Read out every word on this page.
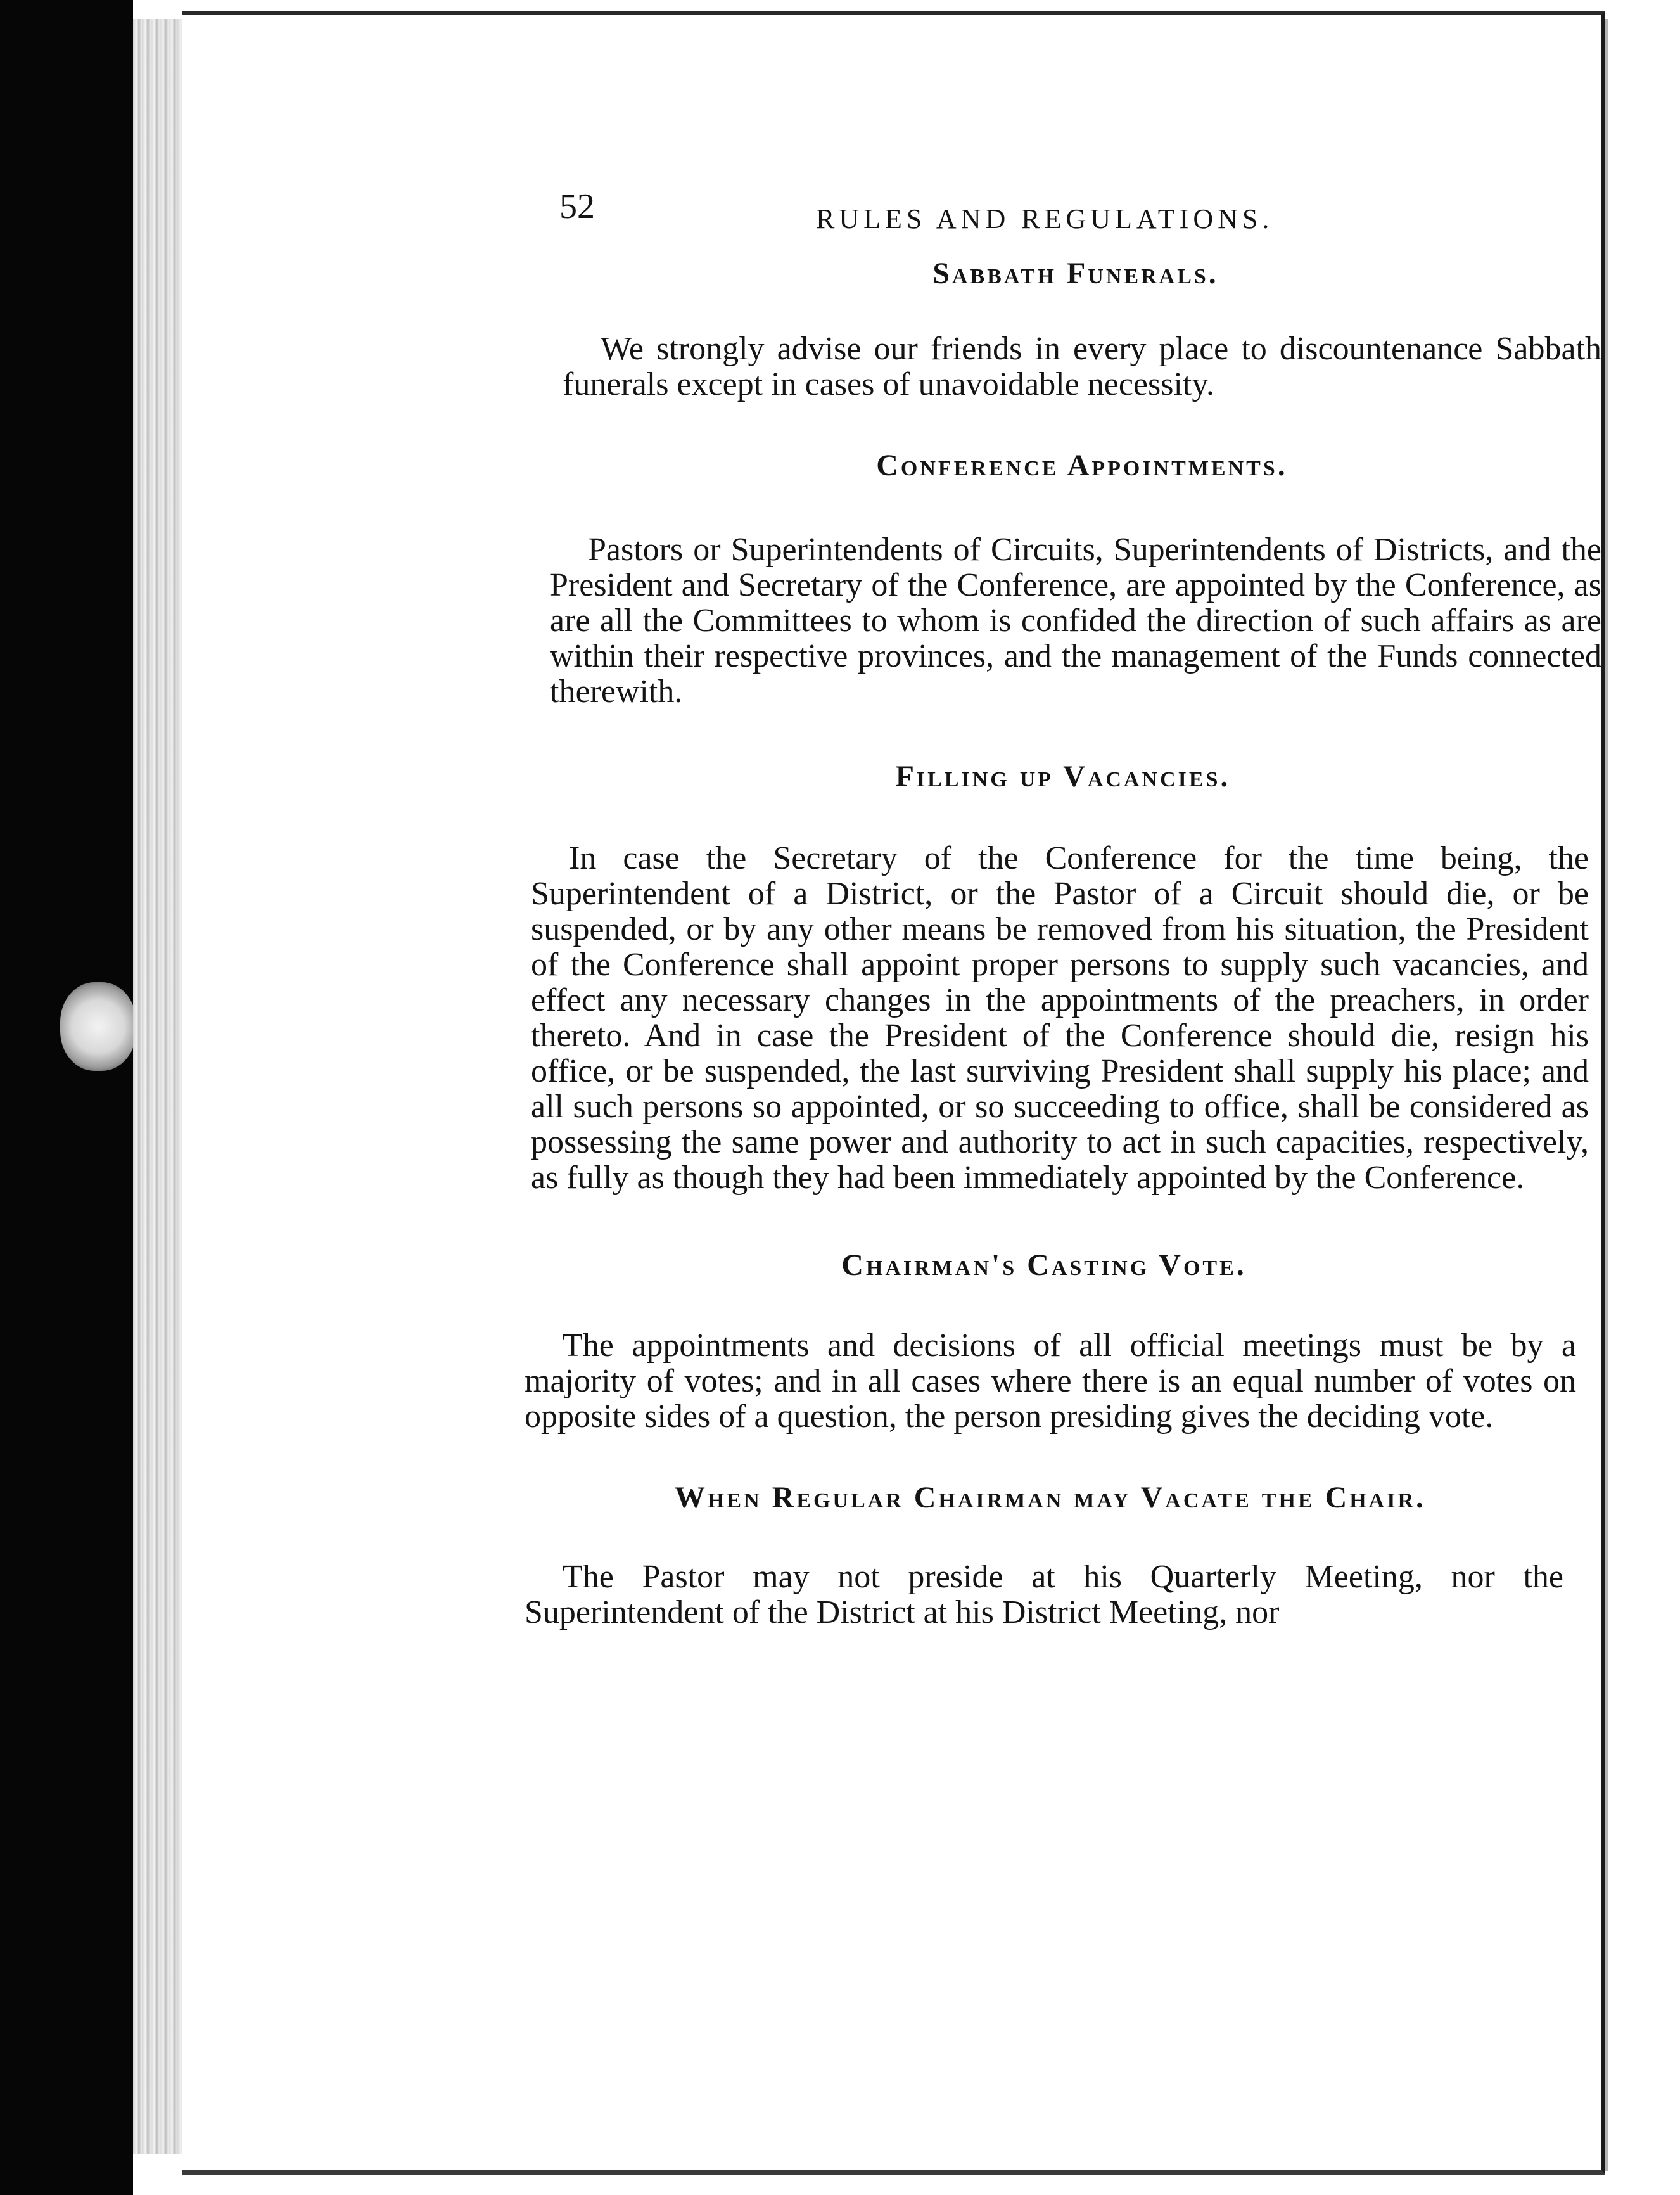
52	RULES AND REGULATIONS.
Sabbath Funerals.

We strongly advise our friends in every place to discountenance Sabbath funerals except in cases of unavoidable necessity.

Conference Appointments.

Pastors or Superintendents of Circuits, Superintendents of Districts, and the President and Secretary of the Conference, are appointed by the Conference, as are all the Committees to whom is confided the direction of such affairs as are within their respective provinces, and the management of the Funds connected therewith.

Filling up Vacancies.

In case the Secretary of the Conference for the time being, the Superintendent of a District, or the Pastor of a Circuit should die, or be suspended, or by any other means be removed from his situation, the President of the Conference shall appoint proper persons to supply such vacancies, and effect any necessary changes in the appointments of the preachers, in order thereto. And in case the President of the Conference should die, resign his office, or be suspended, the last surviving President shall supply his place; and all such persons so appointed, or so succeeding to office, shall be considered as possessing the same power and authority to act in such capacities, respectively, as fully as though they had been immediately appointed by the Conference.

Chairman's Casting Vote.

The appointments and decisions of all official meetings must be by a majority of votes; and in all cases where there is an equal number of votes on opposite sides of a question, the person presiding gives the deciding vote.

When Regular Chairman may Vacate the Chair.

The Pastor may not preside at his Quarterly Meeting, nor the Superintendent of the District at his District Meeting, nor
